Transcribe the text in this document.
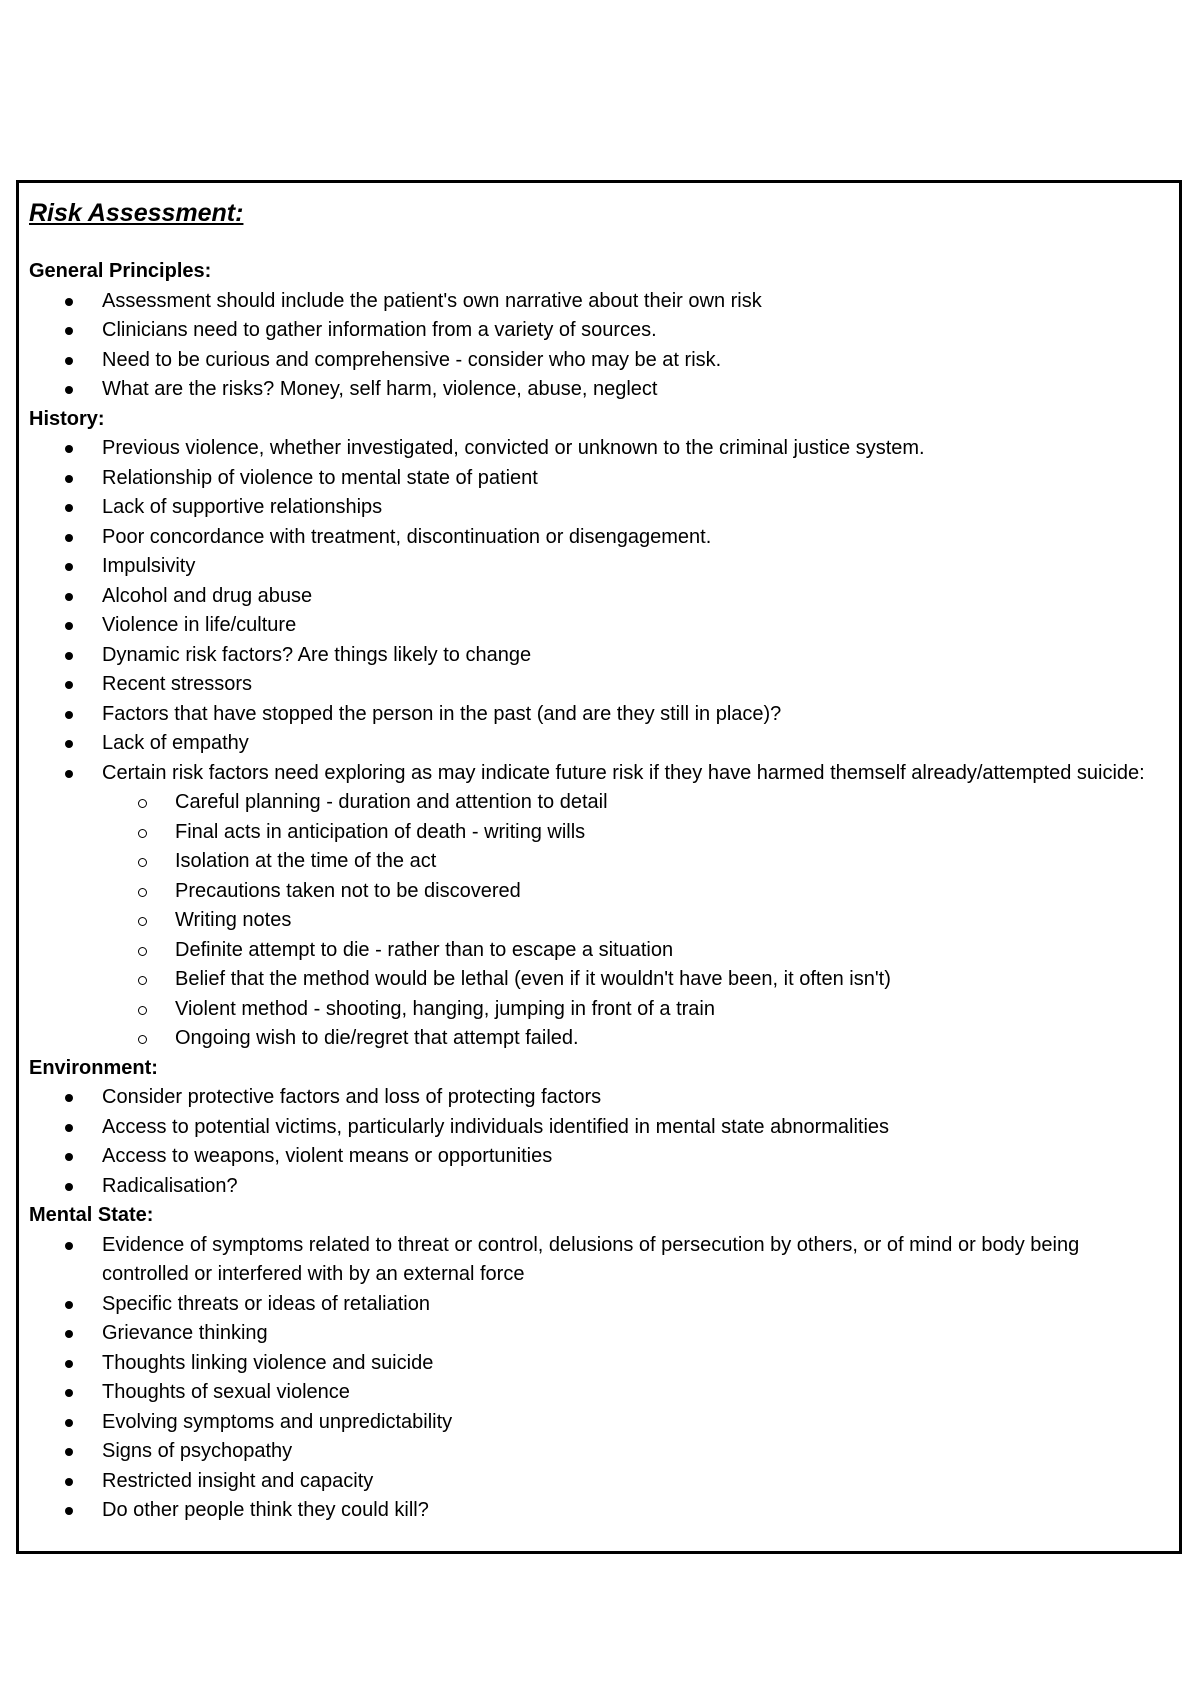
Risk Assessment:
General Principles:
Assessment should include the patient's own narrative about their own risk
Clinicians need to gather information from a variety of sources.
Need to be curious and comprehensive - consider who may be at risk.
What are the risks? Money, self harm, violence, abuse, neglect
History:
Previous violence, whether investigated, convicted or unknown to the criminal justice system.
Relationship of violence to mental state of patient
Lack of supportive relationships
Poor concordance with treatment, discontinuation or disengagement.
Impulsivity
Alcohol and drug abuse
Violence in life/culture
Dynamic risk factors? Are things likely to change
Recent stressors
Factors that have stopped the person in the past (and are they still in place)?
Lack of empathy
Certain risk factors need exploring as may indicate future risk if they have harmed themself already/attempted suicide:
Careful planning - duration and attention to detail
Final acts in anticipation of death - writing wills
Isolation at the time of the act
Precautions taken not to be discovered
Writing notes
Definite attempt to die - rather than to escape a situation
Belief that the method would be lethal (even if it wouldn't have been, it often isn't)
Violent method - shooting, hanging, jumping in front of a train
Ongoing wish to die/regret that attempt failed.
Environment:
Consider protective factors and loss of protecting factors
Access to potential victims, particularly individuals identified in mental state abnormalities
Access to weapons, violent means or opportunities
Radicalisation?
Mental State:
Evidence of symptoms related to threat or control, delusions of persecution by others, or of mind or body being controlled or interfered with by an external force
Specific threats or ideas of retaliation
Grievance thinking
Thoughts linking violence and suicide
Thoughts of sexual violence
Evolving symptoms and unpredictability
Signs of psychopathy
Restricted insight and capacity
Do other people think they could kill?
